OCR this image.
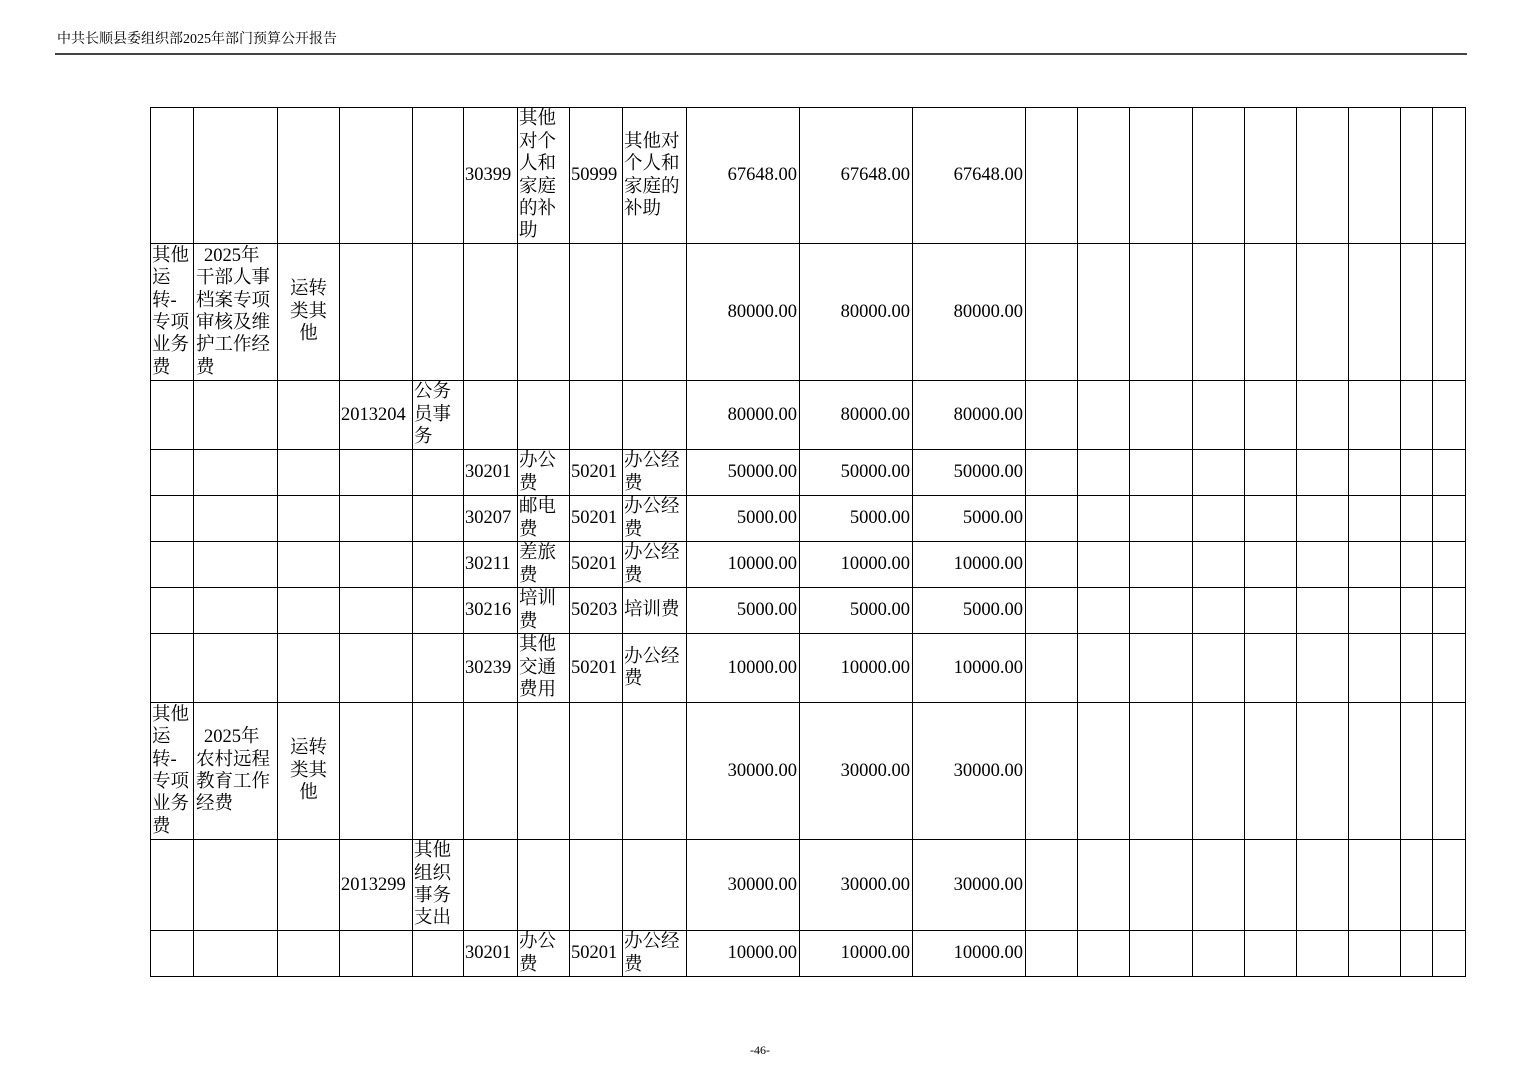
中共长顺县委组织部2025年部门预算公开报告
					30399	其他对个人和家庭的补助	50999	其他对个人和家庭的补助	67648.00	67648.00	67648.00									
其他运转-专项业务费	2025年干部人事档案专项审核及维护工作经费	运转类其他							80000.00	80000.00	80000.00									
			2013204	公务员事务					80000.00	80000.00	80000.00									
					30201	办公费	50201	办公经费	50000.00	50000.00	50000.00									
					30207	邮电费	50201	办公经费	5000.00	5000.00	5000.00									
					30211	差旅费	50201	办公经费	10000.00	10000.00	10000.00									
					30216	培训费	50203	培训费	5000.00	5000.00	5000.00									
					30239	其他交通费用	50201	办公经费	10000.00	10000.00	10000.00									
其他运转-专项业务费	2025年农村远程教育工作经费	运转类其他							30000.00	30000.00	30000.00									
			2013299	其他组织事务支出					30000.00	30000.00	30000.00									
					30201	办公费	50201	办公经费	10000.00	10000.00	10000.00									
-46-
